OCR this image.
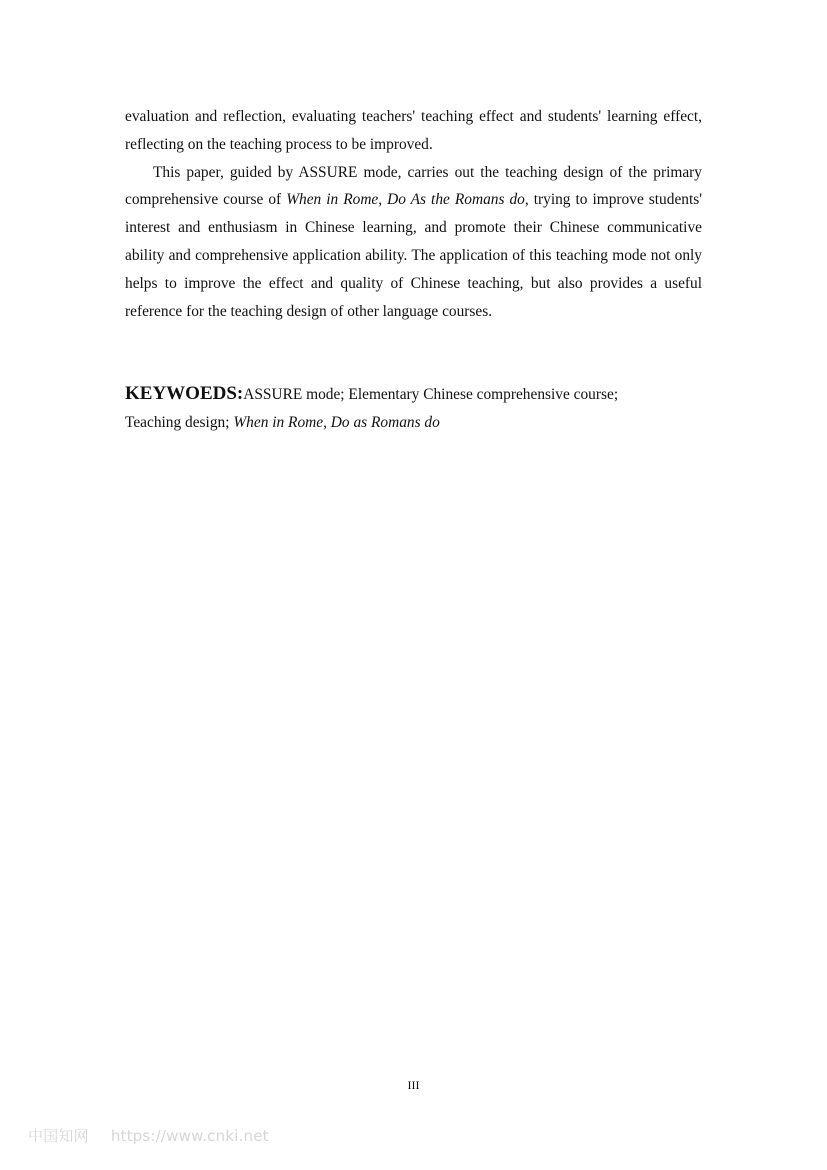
evaluation and reflection, evaluating teachers' teaching effect and students' learning effect, reflecting on the teaching process to be improved.

This paper, guided by ASSURE mode, carries out the teaching design of the primary comprehensive course of When in Rome, Do As the Romans do, trying to improve students' interest and enthusiasm in Chinese learning, and promote their Chinese communicative ability and comprehensive application ability. The application of this teaching mode not only helps to improve the effect and quality of Chinese teaching, but also provides a useful reference for the teaching design of other language courses.

KEYWOEDS:ASSURE mode; Elementary Chinese comprehensive course;
Teaching design; When in Rome, Do as Romans do
III
中国知网 https://www.cnki.net
